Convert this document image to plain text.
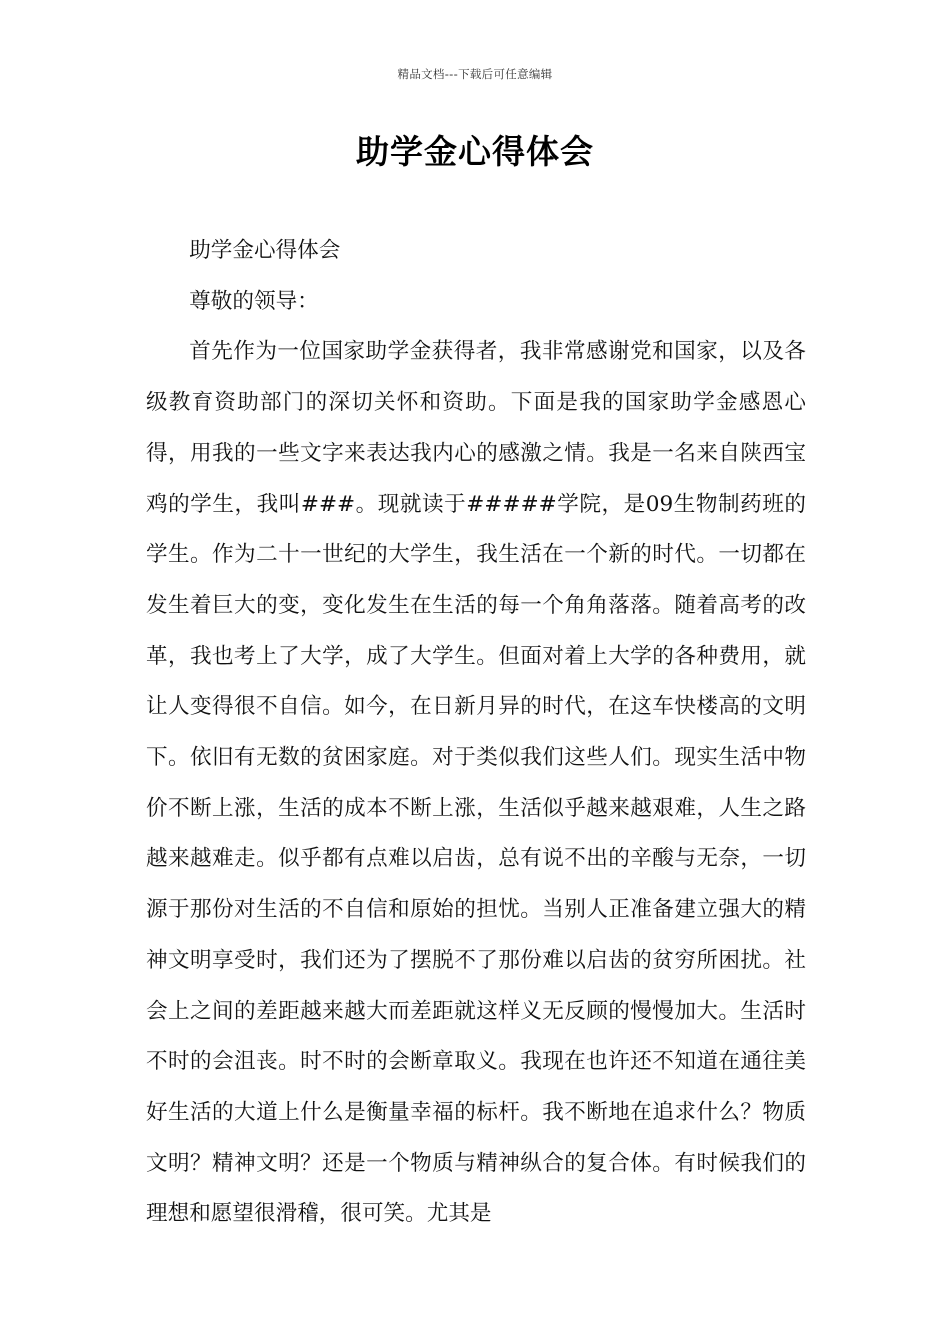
精品文档---下载后可任意编辑
助学金心得体会

助学金心得体会

尊敬的领导：

首先作为一位国家助学金获得者，我非常感谢党和国家，以及各级教育资助部门的深切关怀和资助。下面是我的国家助学金感恩心得，用我的一些文字来表达我内心的感激之情。我是一名来自陕西宝鸡的学生，我叫###。现就读于#####学院，是09生物制药班的学生。作为二十一世纪的大学生，我生活在一个新的时代。一切都在发生着巨大的变，变化发生在生活的每一个角角落落。随着高考的改革，我也考上了大学，成了大学生。但面对着上大学的各种费用，就让人变得很不自信。如今，在日新月异的时代，在这车快楼高的文明下。依旧有无数的贫困家庭。对于类似我们这些人们。现实生活中物价不断上涨，生活的成本不断上涨，生活似乎越来越艰难，人生之路越来越难走。似乎都有点难以启齿，总有说不出的辛酸与无奈，一切源于那份对生活的不自信和原始的担忧。当别人正准备建立强大的精神文明享受时，我们还为了摆脱不了那份难以启齿的贫穷所困扰。社会上之间的差距越来越大而差距就这样义无反顾的慢慢加大。生活时不时的会沮丧。时不时的会断章取义。我现在也许还不知道在通往美好生活的大道上什么是衡量幸福的标杆。我不断地在追求什么？物质文明？精神文明？还是一个物质与精神纵合的复合体。有时候我们的理想和愿望很滑稽，很可笑。尤其是
